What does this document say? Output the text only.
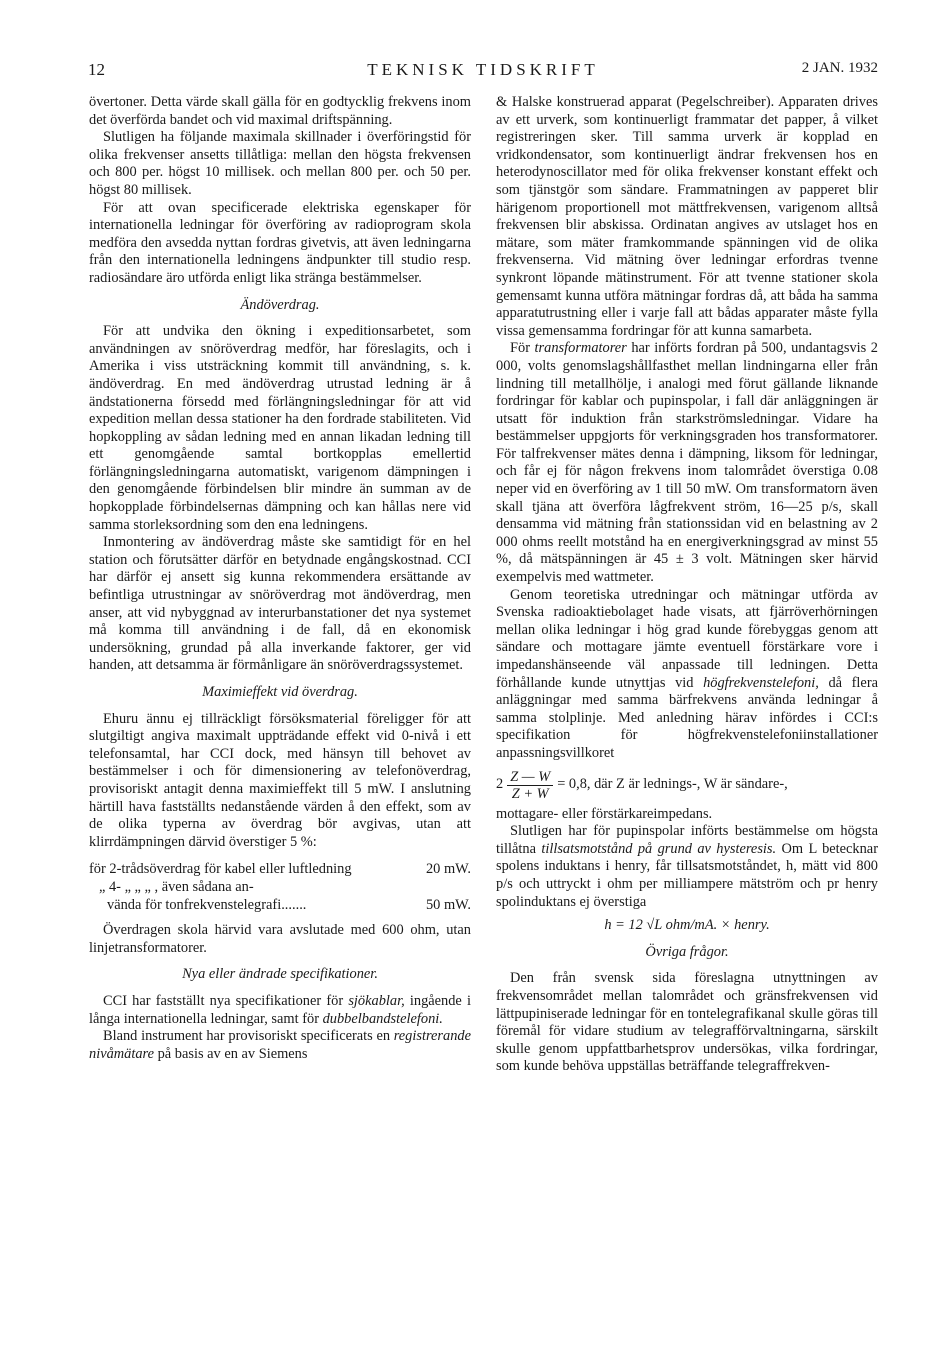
12	TEKNISK TIDSKRIFT	2 JAN. 1932

övertoner. Detta värde skall gälla för en godtycklig frekvens inom det överförda bandet och vid maximal driftspänning.

Slutligen ha följande maximala skillnader i överföringstid för olika frekvenser ansetts tillåtliga: mellan den högsta frekvensen och 800 per. högst 10 millisek. och mellan 800 per. och 50 per. högst 80 millisek.

För att ovan specificerade elektriska egenskaper för internationella ledningar för överföring av radioprogram skola medföra den avsedda nyttan fordras givetvis, att även ledningarna från den internationella ledningens ändpunkter till studio resp. radiosändare äro utförda enligt lika stränga bestämmelser.

Ändöverdrag.

För att undvika den ökning i expeditionsarbetet, som användningen av snöröverdrag medför, har föreslagits, och i Amerika i viss utsträckning kommit till användning, s. k. ändöverdrag. En med ändöverdrag utrustad ledning är å ändstationerna försedd med förlängningsledningar för att vid expedition mellan dessa stationer ha den fordrade stabiliteten. Vid hopkoppling av sådan ledning med en annan likadan ledning till ett genomgående samtal bortkopplas emellertid förlängningsledningarna automatiskt, varigenom dämpningen i den genomgående förbindelsen blir mindre än summan av de hopkopplade förbindelsernas dämpning och kan hållas nere vid samma storleksordning som den ena ledningens.

Inmontering av ändöverdrag måste ske samtidigt för en hel station och förutsätter därför en betydnade engångskostnad. CCI har därför ej ansett sig kunna rekommendera ersättande av befintliga utrustningar av snöröverdrag mot ändöverdrag, men anser, att vid nybyggnad av interurbanstationer det nya systemet må komma till användning i de fall, då en ekonomisk undersökning, grundad på alla inverkande faktorer, ger vid handen, att detsamma är förmånligare än snöröverdragssystemet.

Maximieffekt vid överdrag.

Ehuru ännu ej tillräckligt försöksmaterial föreligger för att slutgiltigt angiva maximalt uppträdande effekt vid 0-nivå i ett telefonsamtal, har CCI dock, med hänsyn till behovet av bestämmelser i och för dimensionering av telefonöverdrag, provisoriskt antagit denna maximieffekt till 5 mW. I anslutning härtill hava fastställts nedanstående värden å den effekt, som av de olika typerna av överdrag bör avgivas, utan att klirrdämpningen därvid överstiger 5 %:

för 2-trådsöverdrag för kabel eller luftledning	20 mW.
„ 4- „ „ „ , även sådana an-
vända för tonfrekvenstelegrafi.......	50 mW.

Överdragen skola härvid vara avslutade med 600 ohm, utan linjetransformatorer.

Nya eller ändrade specifikationer.

CCI har fastställt nya specifikationer för sjökablar, ingående i långa internationella ledningar, samt för dubbelbandstelefoni.

Bland instrument har provisoriskt specificerats en registrerande nivåmätare på basis av en av Siemens

& Halske konstruerad apparat (Pegelschreiber). Apparaten drives av ett urverk, som kontinuerligt frammatar det papper, å vilket registreringen sker. Till samma urverk är kopplad en vridkondensator, som kontinuerligt ändrar frekvensen hos en heterodynoscillator med för olika frekvenser konstant effekt och som tjänstgör som sändare. Frammatningen av papperet blir härigenom proportionell mot mättfrekvensen, varigenom alltså frekvensen blir abskissa. Ordinatan angives av utslaget hos en mätare, som mäter framkommande spänningen vid de olika frekvenserna. Vid mätning över ledningar erfordras tvenne synkront löpande mätinstrument. För att tvenne stationer skola gemensamt kunna utföra mätningar fordras då, att båda ha samma apparatutrustning eller i varje fall att bådas apparater måste fylla vissa gemensamma fordringar för att kunna samarbeta.

För transformatorer har införts fordran på 500, undantagsvis 2 000, volts genomslagshållfasthet mellan lindningarna eller från lindning till metallhölje, i analogi med förut gällande liknande fordringar för kablar och pupinspolar, i fall där anläggningen är utsatt för induktion från starkströmsledningar. Vidare ha bestämmelser uppgjorts för verkningsgraden hos transformatorer. För talfrekvenser mätes denna i dämpning, liksom för ledningar, och får ej för någon frekvens inom talområdet överstiga 0.08 neper vid en överföring av 1 till 50 mW. Om transformatorn även skall tjäna att överföra lågfrekvent ström, 16—25 p/s, skall densamma vid mätning från stationssidan vid en belastning av 2 000 ohms reellt motstånd ha en energiverkningsgrad av minst 55 %, då mätspänningen är 45 ± 3 volt. Mätningen sker härvid exempelvis med wattmeter.

Genom teoretiska utredningar och mätningar utförda av Svenska radioaktiebolaget hade visats, att fjärröverhörningen mellan olika ledningar i hög grad kunde förebyggas genom att sändare och mottagare jämte eventuell förstärkare vore i impedanshänseende väl anpassade till ledningen. Detta förhållande kunde utnyttjas vid högfrekvenstelefoni, då flera anläggningar med samma bärfrekvens använda ledningar å samma stolplinje. Med anledning härav infördes i CCI:s specifikation för högfrekvenstelefoniinstallationer anpassningsvillkoret

$2 \frac{Z — W}{Z + W} = 0,8$, där Z är lednings-, W är sändare-,

mottagare- eller förstärkareimpedans.

Slutligen har för pupinspolar införts bestämmelse om högsta tillåtna tillsatsmotstånd på grund av hysteresis. Om L betecknar spolens induktans i henry, får tillsatsmotståndet, h, mätt vid 800 p/s och uttryckt i ohm per milliampere mätström och pr henry spolinduktans ej överstiga

h = 12 √L ohm/mA. × henry.
Övriga frågor.

Den från svensk sida föreslagna utnyttningen av frekvensområdet mellan talområdet och gränsfrekvensen vid lättpupiniserade ledningar för en tontelegrafikanal skulle göras till föremål för vidare studium av telegrafförvaltningarna, särskilt skulle genom uppfattbarhetsprov undersökas, vilka fordringar, som kunde behöva uppställas beträffande telegraffrekven-
